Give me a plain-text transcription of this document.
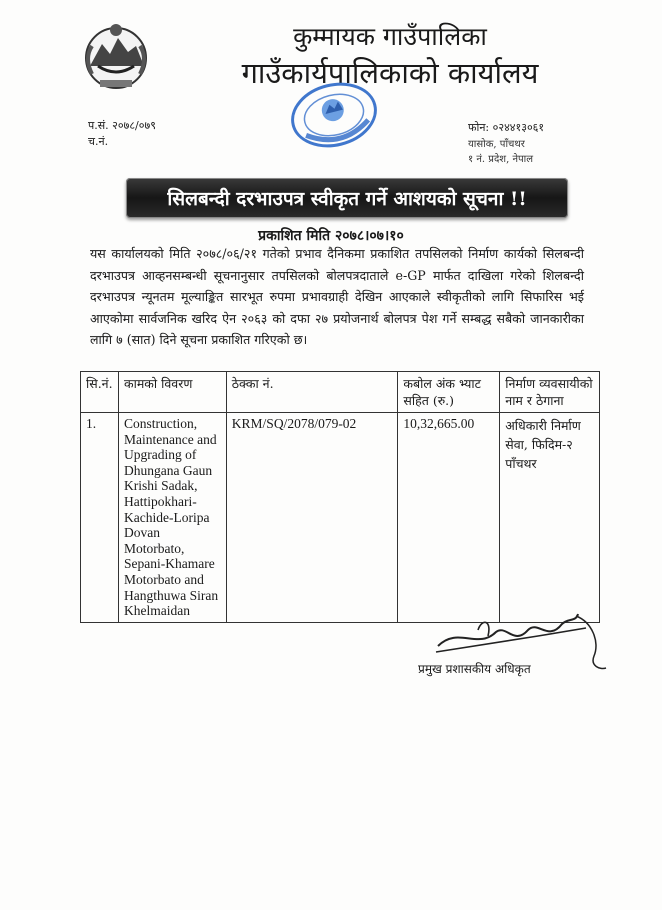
कुम्मायक गाउँपालिका
गाउँकार्यपालिकाको कार्यालय
प.सं. २०७८/०७९
च.नं.
फोन: ०२४४१३०६१
यासोक, पाँचथर
१ नं. प्रदेश, नेपाल
सिलबन्दी दरभाउपत्र स्वीकृत गर्ने आशयको सूचना !!
प्रकाशित मिति २०७८।०७।१०
यस कार्यालयको मिति २०७८/०६/२१ गतेको प्रभाव दैनिकमा प्रकाशित तपसिलको निर्माण कार्यको सिलबन्दी दरभाउपत्र आव्हनसम्बन्धी सूचनानुसार तपसिलको बोलपत्रदाताले e-GP मार्फत दाखिला गरेको शिलबन्दी दरभाउपत्र न्यूनतम मूल्याङ्कित सारभूत रुपमा प्रभावग्राही देखिन आएकाले स्वीकृतीको लागि सिफारिस भई आएकोमा सार्वजनिक खरिद ऐन २०६३ को दफा २७ प्रयोजनार्थ बोलपत्र पेश गर्ने सम्बद्ध सबैको जानकारीका लागि ७ (सात) दिने सूचना प्रकाशित गरिएको छ।
सि.नं.	कामको विवरण	ठेक्का नं.	कबोल अंक भ्याट सहित (रु.)	निर्माण व्यवसायीको नाम र ठेगाना
1.	Construction, Maintenance and Upgrading of Dhungana Gaun Krishi Sadak, Hattipokhari-Kachide-Loripa Dovan Motorbato, Sepani-Khamare Motorbato and Hangthuwa Siran Khelmaidan	KRM/SQ/2078/079-02	10,32,665.00	अधिकारी निर्माण सेवा, फिदिम-२ पाँचथर
प्रमुख प्रशासकीय अधिकृत
